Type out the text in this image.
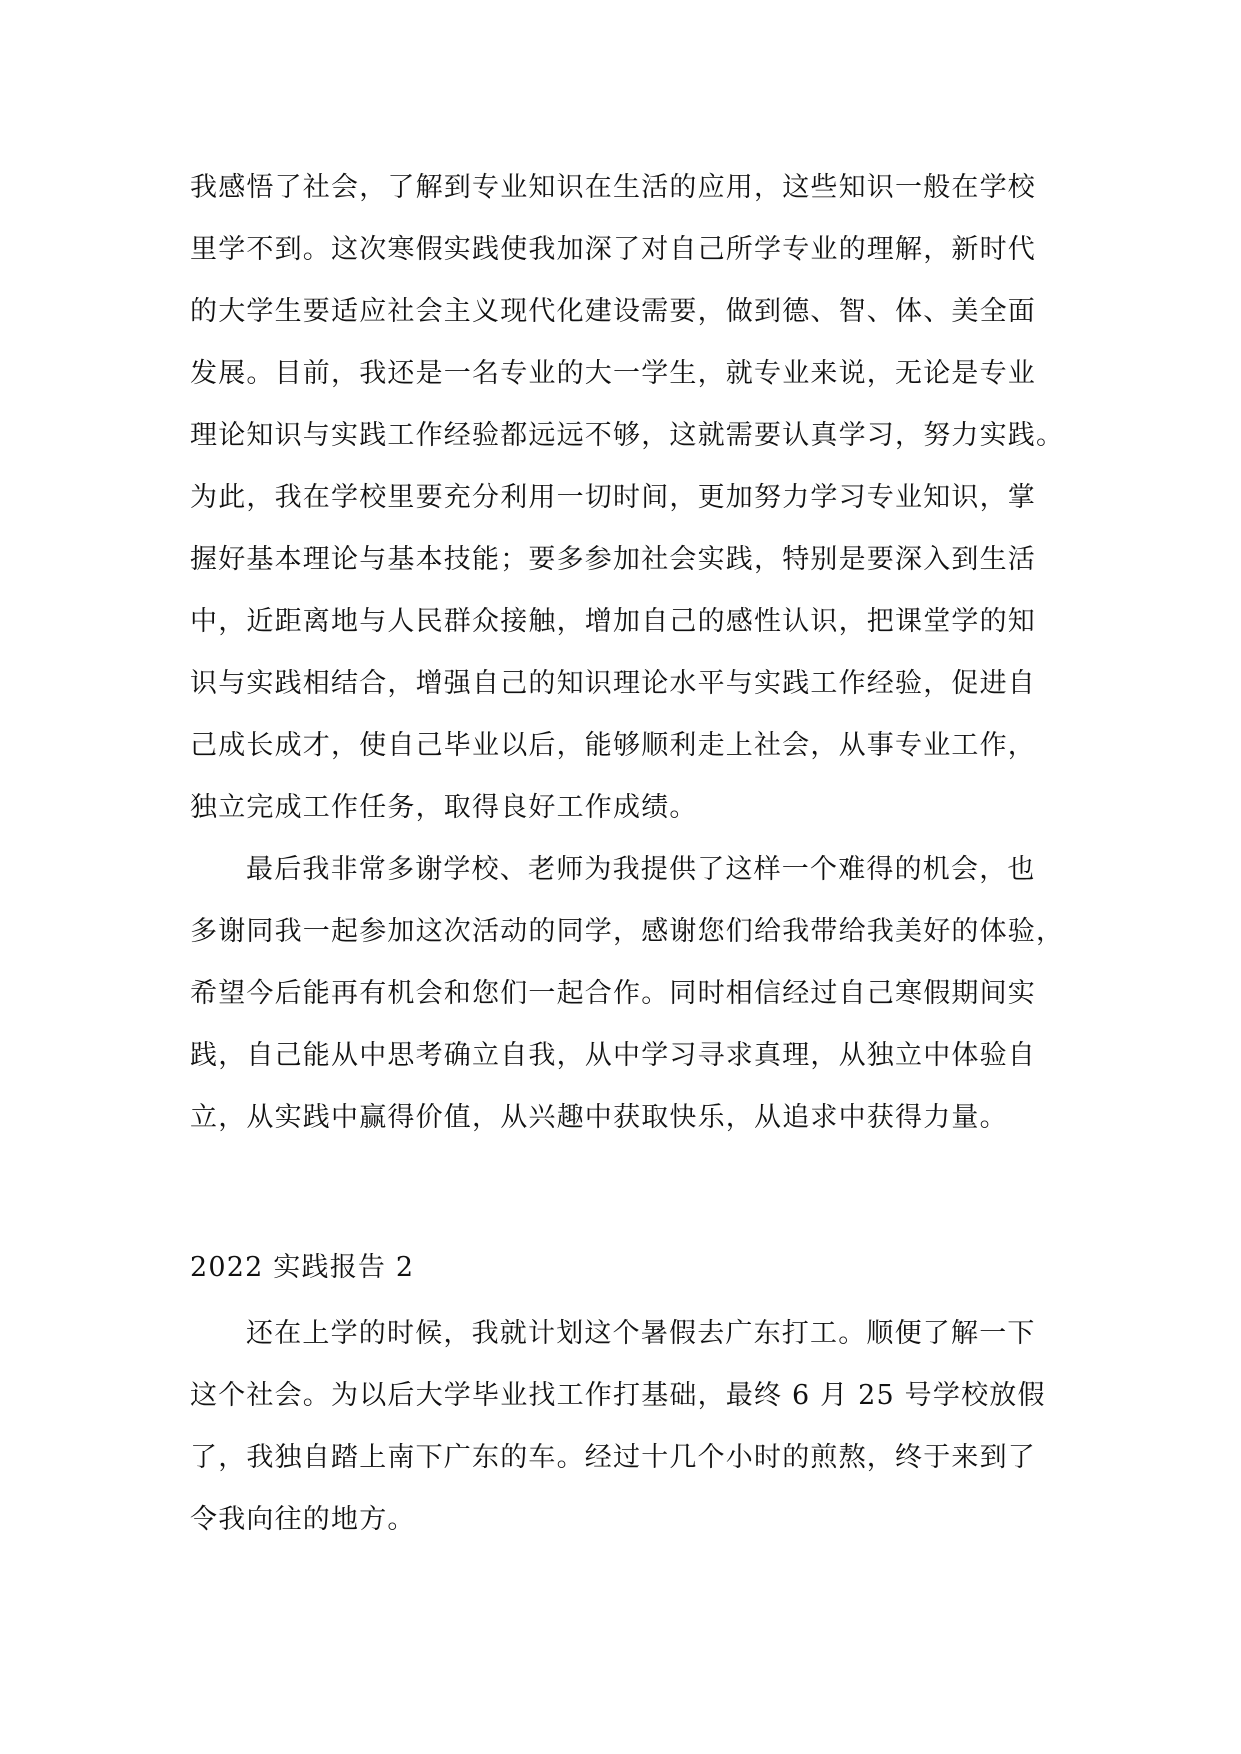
我感悟了社会，了解到专业知识在生活的应用，这些知识一般在学校
里学不到。这次寒假实践使我加深了对自己所学专业的理解，新时代
的大学生要适应社会主义现代化建设需要，做到德、智、体、美全面
发展。目前，我还是一名专业的大一学生，就专业来说，无论是专业
理论知识与实践工作经验都远远不够，这就需要认真学习，努力实践。
为此，我在学校里要充分利用一切时间，更加努力学习专业知识，掌
握好基本理论与基本技能；要多参加社会实践，特别是要深入到生活
中，近距离地与人民群众接触，增加自己的感性认识，把课堂学的知
识与实践相结合，增强自己的知识理论水平与实践工作经验，促进自
己成长成才，使自己毕业以后，能够顺利走上社会，从事专业工作，
独立完成工作任务，取得良好工作成绩。
最后我非常多谢学校、老师为我提供了这样一个难得的机会，也
多谢同我一起参加这次活动的同学，感谢您们给我带给我美好的体验，
希望今后能再有机会和您们一起合作。同时相信经过自己寒假期间实
践，自己能从中思考确立自我，从中学习寻求真理，从独立中体验自
立，从实践中赢得价值，从兴趣中获取快乐，从追求中获得力量。
2022 实践报告 2
还在上学的时候，我就计划这个暑假去广东打工。顺便了解一下
这个社会。为以后大学毕业找工作打基础，最终 6 月 25 号学校放假
了，我独自踏上南下广东的车。经过十几个小时的煎熬，终于来到了
令我向往的地方。
